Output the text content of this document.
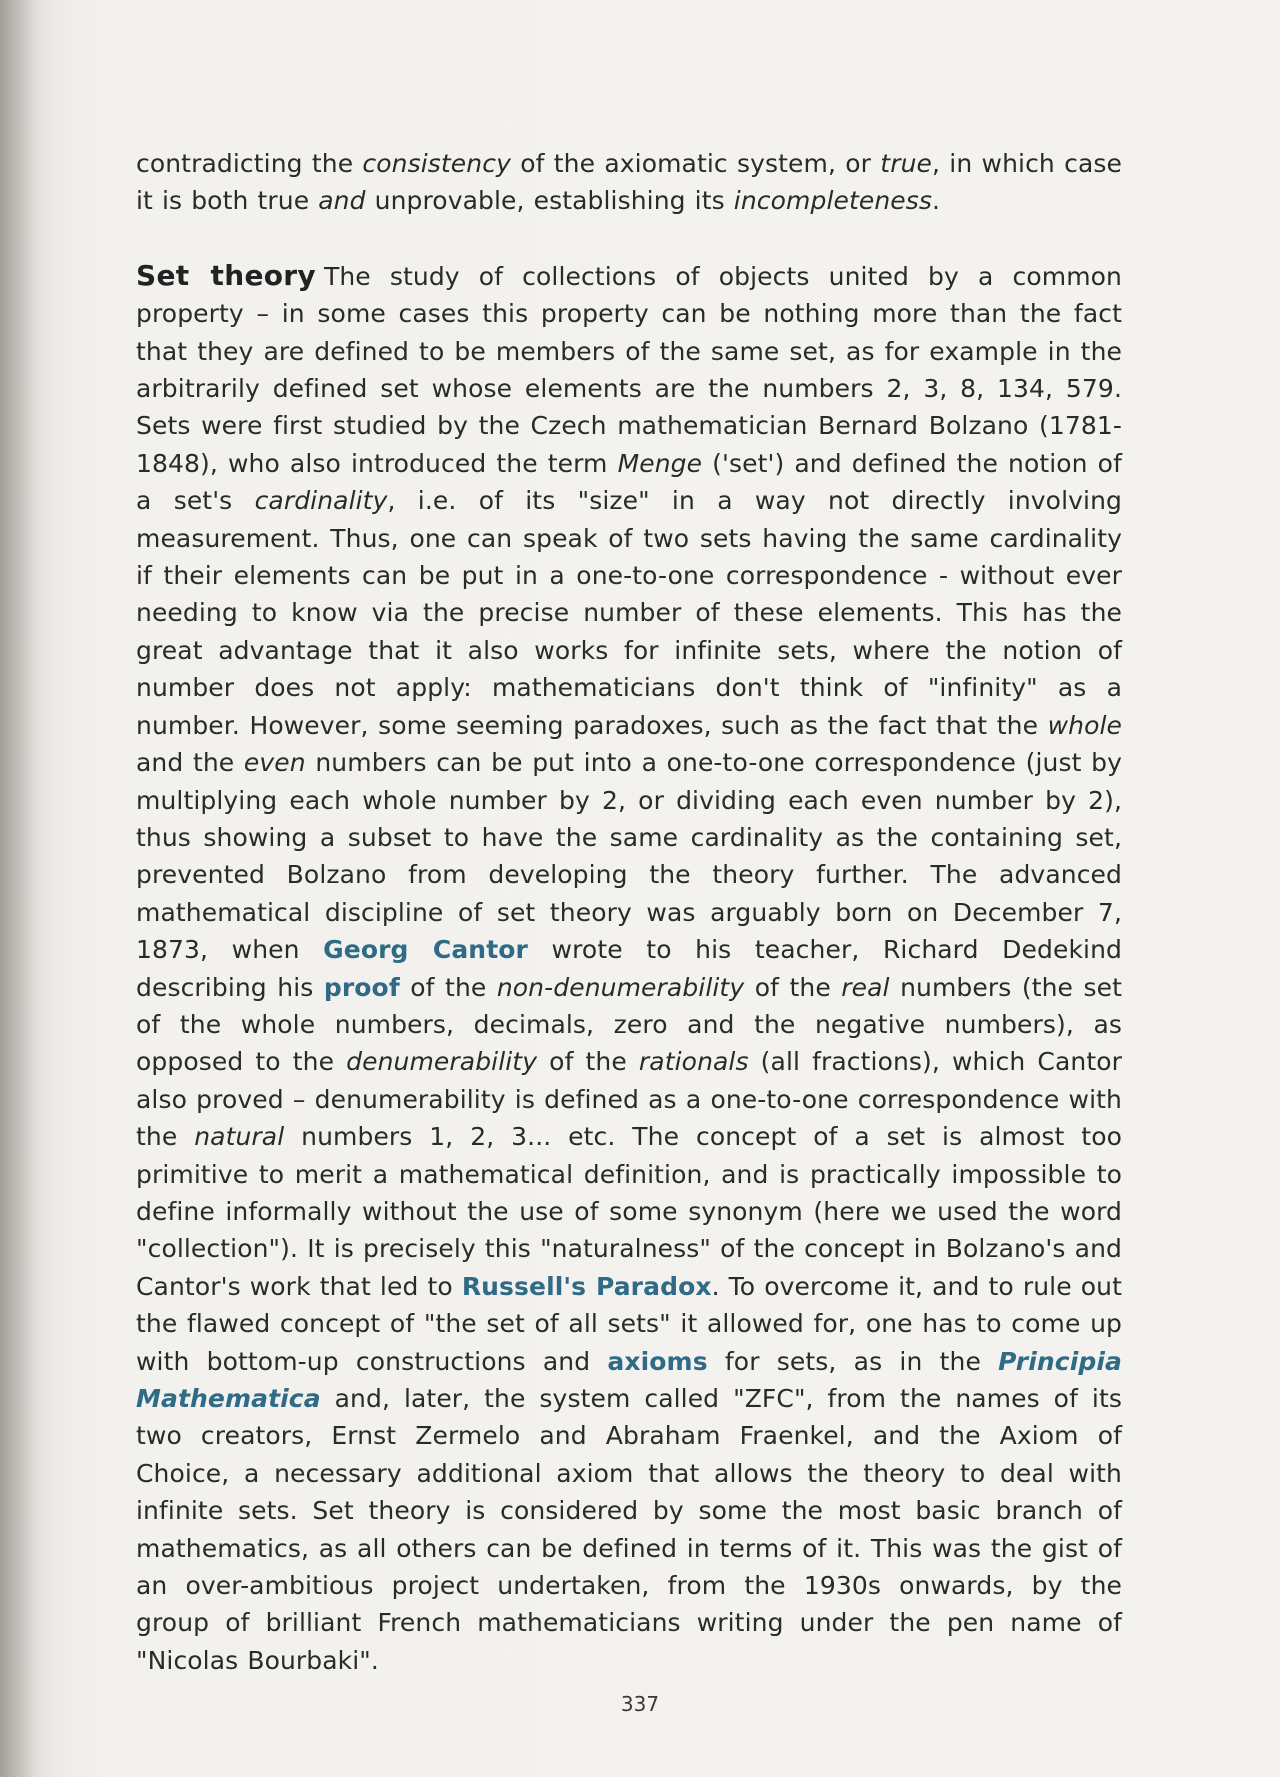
contradicting the consistency of the axiomatic system, or true, in which case it is both true and unprovable, establishing its incompleteness.

Set theory The study of collections of objects united by a common property – in some cases this property can be nothing more than the fact that they are defined to be members of the same set, as for example in the arbitrarily defined set whose elements are the numbers 2, 3, 8, 134, 579. Sets were first studied by the Czech mathematician Bernard Bolzano (1781-1848), who also introduced the term Menge ('set') and defined the notion of a set's cardinality, i.e. of its "size" in a way not directly involving measurement. Thus, one can speak of two sets having the same cardinality if their elements can be put in a one-to-one correspondence - without ever needing to know via the precise number of these elements. This has the great advantage that it also works for infinite sets, where the notion of number does not apply: mathematicians don't think of "infinity" as a number. However, some seeming paradoxes, such as the fact that the whole and the even numbers can be put into a one-to-one correspondence (just by multiplying each whole number by 2, or dividing each even number by 2), thus showing a subset to have the same cardinality as the containing set, prevented Bolzano from developing the theory further. The advanced mathematical discipline of set theory was arguably born on December 7, 1873, when Georg Cantor wrote to his teacher, Richard Dedekind describing his proof of the non-denumerability of the real numbers (the set of the whole numbers, decimals, zero and the negative numbers), as opposed to the denumerability of the rationals (all fractions), which Cantor also proved – denumerability is defined as a one-to-one correspondence with the natural numbers 1, 2, 3... etc. The concept of a set is almost too primitive to merit a mathematical definition, and is practically impossible to define informally without the use of some synonym (here we used the word "collection"). It is precisely this "naturalness" of the concept in Bolzano's and Cantor's work that led to Russell's Paradox. To overcome it, and to rule out the flawed concept of "the set of all sets" it allowed for, one has to come up with bottom-up constructions and axioms for sets, as in the Principia Mathematica and, later, the system called "ZFC", from the names of its two creators, Ernst Zermelo and Abraham Fraenkel, and the Axiom of Choice, a necessary additional axiom that allows the theory to deal with infinite sets. Set theory is considered by some the most basic branch of mathematics, as all others can be defined in terms of it. This was the gist of an over-ambitious project undertaken, from the 1930s onwards, by the group of brilliant French mathematicians writing under the pen name of "Nicolas Bourbaki".

337
